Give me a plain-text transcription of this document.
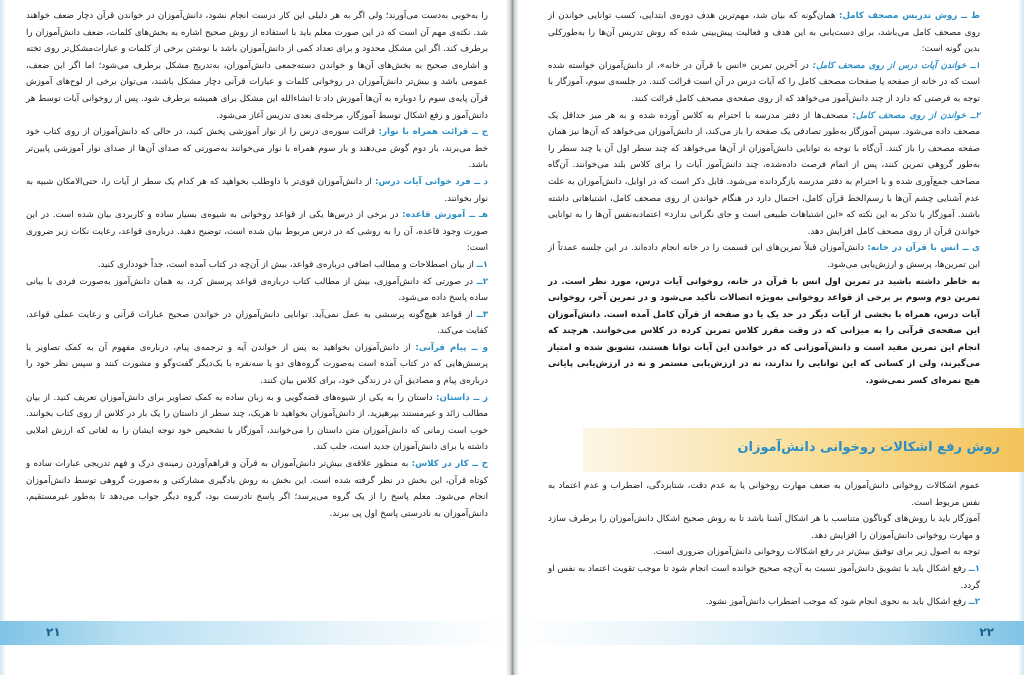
را به‌خوبی به‌دست می‌آورند؛ ولی اگر به هر دلیلی این کار درست انجام نشود، دانش‌آموزان در خواندن قرآن دچار ضعف خواهند شد. نکته‌ی مهم آن است که در این صورت معلم باید با استفاده از روش صحیح اشاره به بخش‌های کلمات، ضعف دانش‌آموزان را برطرف کند. اگر این مشکل محدود و برای تعداد کمی از دانش‌آموزان باشد با نوشتن برخی از کلمات و عبارات‌مشکل‌تر روی تخته و اشاره‌ی صحیح به بخش‌های آن‌ها و خواندن دسته‌جمعی دانش‌آموزان، به‌تدریج مشکل برطرف می‌شود؛ اما اگر این ضعف، عمومی باشد و بیش‌تر دانش‌آموزان در روخوانی کلمات و عبارات قرآنی دچار مشکل باشند، می‌توان برخی از لوح‌های آموزش قرآن پایه‌ی سوم را دوباره به آن‌ها آموزش داد تا انشاءالله این مشکل برای همیشه برطرف شود. پس از روخوانی آیات توسط هر دانش‌آموز و رفع اشکال توسط آموزگار، مرحله‌ی بعدی تدریس آغاز می‌شود.

ج ــ قرائت همراه با نوار: قرائت سوره‌ی درس را از نوار آموزشی پخش کنید، در حالی که دانش‌آموزان از روی کتاب خود خط می‌برند، بار دوم گوش می‌دهند و بار سوم همراه با نوار می‌خوانند به‌صورتی که صدای آن‌ها از صدای نوار آموزشی پایین‌تر باشد.

د ــ فرد خوانی آیات درس: از دانش‌آموزان قوی‌تر با داوطلب بخواهید که هر کدام یک سطر از آیات را، حتی‌الامکان شبیه به نوار بخوانند.

هـ ــ آموزش قاعده: در برخی از درس‌ها یکی از قواعد روخوانی به شیوه‌ی بسیار ساده و کاربردی بیان شده است. در این صورت وجود قاعده، آن را به روشی که در درس مربوط بیان شده است، توضیح دهید. درباره‌ی قواعد، رعایت نکات زیر ضروری است:

۱ــ از بیان اصطلاحات و مطالب اضافی درباره‌ی قواعد، بیش از آن‌چه در کتاب آمده است، جداً خودداری کنید.

۲ــ در صورتی که دانش‌آموزی، بیش از مطالب کتاب درباره‌ی قواعد پرسش کرد، به همان دانش‌آموز به‌صورت فردی با بیانی ساده پاسخ داده می‌شود.

۳ــ از قواعد هیچ‌گونه پرسشی به عمل نمی‌آید. توانایی دانش‌آموزان در خواندن صحیح عبارات قرآنی و رعایت عملی قواعد، کفایت می‌کند.

و ــ پیام قرآنی: از دانش‌آموزان بخواهید به پس از خواندن آیه و ترجمه‌ی پیام، درباره‌ی مفهوم آن به کمک تصاویر یا پرسش‌هایی که در کتاب آمده است به‌صورت گروه‌های دو یا سه‌نفره با یک‌دیگر گفت‌وگو و مشورت کنند و سپس نظر خود را درباره‌ی پیام و مصادیق آن در زندگی خود، برای کلاس بیان کنند.

ز ــ داستان: داستان را به یکی از شیوه‌های قصه‌گویی و به زبان ساده به کمک تصاویر برای دانش‌آموزان تعریف کنید. از بیان مطالب زائد و غیرمستند بپرهیزید. از دانش‌آموزان بخواهید تا هریک، چند سطر از داستان را یک بار در کلاس از روی کتاب بخوانند. خوب است زمانی که دانش‌آموزان متن داستان را می‌خوانند، آموزگار با تشخیص خود توجه ایشان را به لغاتی که ارزش املایی داشته یا برای دانش‌آموزان جدید است، جلب کند.

ح ــ کار در کلاس: به منظور علاقه‌ی بیش‌تر دانش‌آموزان به قرآن و فراهم‌آوردن زمینه‌ی درک و فهم تدریجی عبارات ساده و کوتاه قرآن، این بخش در نظر گرفته شده است. این بخش به روش یادگیری مشارکتی و به‌صورت گروهی توسط دانش‌آموزان انجام می‌شود. معلم پاسخ را از یک گروه می‌پرسد؛ اگر پاسخ نادرست بود، گروه دیگر جواب می‌دهد تا به‌طور غیرمستقیم، دانش‌آموزان به نادرستی پاسخ اول پی ببرند.

۲۱

ط ــ روش تدریس مصحف کامل: همان‌گونه که بیان شد، مهم‌ترین هدف دوره‌ی ابتدایی، کسب توانایی خواندن از روی مصحف کامل می‌باشد، برای دست‌یابی به این هدف و فعالیت پیش‌بینی شده که روش تدریس آن‌ها را به‌طورکلی بدین گونه است:

۱ــ خواندن آیات درس از روی مصحف کامل: در آخرین تمرین «انس با قرآن در خانه»، از دانش‌آموزان خواسته شده است که در خانه از صفحه یا صفحات مصحف کامل را که آیات درس در آن است قرائت کنند. در جلسه‌ی سوم، آموزگار با توجه به فرصتی که دارد از چند دانش‌آموز می‌خواهد که از روی صفحه‌ی مصحف کامل قرائت کنند.

۲ــ خواندن از روی مصحف کامل: مصحف‌ها از دفتر مدرسه با احترام به کلاس آورده شده و به هر میز حداقل یک مصحف داده می‌شود. سپس آموزگار به‌طور تصادفی یک صفحه را باز می‌کند، از دانش‌آموزان می‌خواهد که آن‌ها نیز همان صفحه مصحف را باز کنند. آن‌گاه با توجه به توانایی دانش‌آموزان از آن‌ها می‌خواهد که چند سطر اول آن یا چند سطر را به‌طور گروهی تمرین کنند، پس از اتمام فرصت داده‌شده، چند دانش‌آموز آیات را برای کلاس بلند می‌خوانند. آن‌گاه مصاحف جمع‌آوری شده و با احترام به دفتر مدرسه بازگردانده می‌شود. قابل ذکر است که در اوایل، دانش‌آموزان به علت عدم آشنایی چشم آن‌ها با رسم‌الخط قرآن کامل، احتمال دارد در هنگام خواندن از روی مصحف کامل، اشتباهاتی داشته باشند. آموزگار با تذکر به این نکته که «این اشتباهات طبیعی است و جای نگرانی ندارد» اعتمادبه‌نفس آن‌ها را به توانایی خواندن قرآن از روی مصحف کامل افزایش دهد.

ی ــ انس با قرآن در خانه: دانش‌آموزان قبلاً تمرین‌های این قسمت را در خانه انجام داده‌اند. در این جلسه عمدتاً از این تمرین‌ها، پرسش و ارزش‌یابی می‌شود.

به خاطر داشته باشید در تمرین اول انس با قرآن در خانه، روخوانی آیات درس، مورد نظر است. در تمرین دوم وسوم بر برخی از قواعد روخوانی به‌ویژه اتصالات تأکید می‌شود و در تمرین آخر، روخوانی آیات درس، همراه با بخشی از آیات دیگر در حد یک یا دو صفحه از قرآن کامل آمده است. دانش‌آموزان این صفحه‌ی قرآنی را به میزانی که در وقت مقرر کلاس تمرین کرده در کلاس می‌خوانند. هرچند که انجام این تمرین مفید است و دانش‌آموزانی که در خواندن این آیات توانا هستند، تشویق شده و امتیاز می‌گیرند، ولی از کسانی که این توانایی را ندارند، نه در ارزش‌یابی مستمر و نه در ارزش‌یابی پایانی هیچ نمره‌ای کسر نمی‌شود.

روش رفع اشکالات روخوانی دانش‌آموزان

عموم اشکالات روخوانی دانش‌آموزان به ضعف مهارت روخوانی یا به عدم دقت، شتابزدگی، اضطراب و عدم اعتماد به نفس مربوط است.

آموزگار باید با روش‌های گوناگون متناسب با هر اشکال آشنا باشد تا به روش صحیح اشکال دانش‌آموزان را برطرف سازد و مهارت روخوانی دانش‌آموزان را افزایش دهد.

توجه به اصول زیر برای توفیق بیش‌تر در رفع اشکالات روخوانی دانش‌آموزان ضروری است.

۱ــ رفع اشکال باید با تشویق دانش‌آموز نسبت به آن‌چه صحیح خوانده است انجام شود تا موجب تقویت اعتماد به نفس او گردد.

۲ــ رفع اشکال باید به نحوی انجام شود که موجب اضطراب دانش‌آموز نشود.

۲۲
